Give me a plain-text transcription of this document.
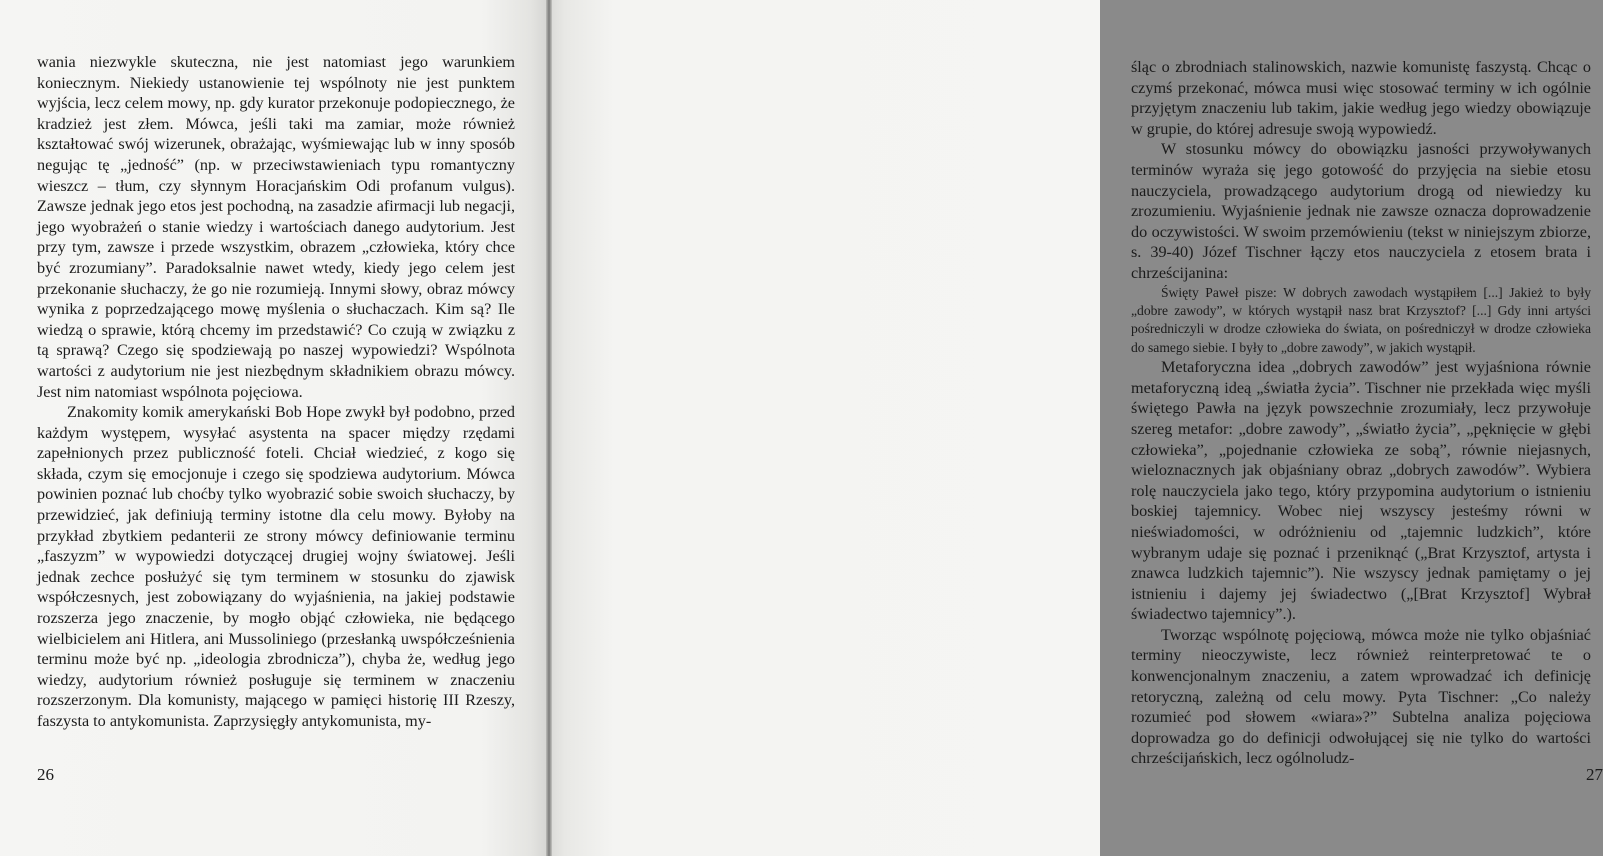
wania niezwykle skuteczna, nie jest natomiast jego warunkiem koniecznym. Niekiedy ustanowienie tej wspólnoty nie jest punktem wyjścia, lecz celem mowy, np. gdy kurator przekonuje podopiecznego, że kradzież jest złem. Mówca, jeśli taki ma zamiar, może również kształtować swój wizerunek, obrażając, wyśmiewając lub w inny sposób negując tę „jedność” (np. w przeciwstawieniach typu romantyczny wieszcz – tłum, czy słynnym Horacjańskim Odi profanum vulgus). Zawsze jednak jego etos jest pochodną, na zasadzie afirmacji lub negacji, jego wyobrażeń o stanie wiedzy i wartościach danego audytorium. Jest przy tym, zawsze i przede wszystkim, obrazem „człowieka, który chce być zrozumiany”. Paradoksalnie nawet wtedy, kiedy jego celem jest przekonanie słuchaczy, że go nie rozumieją. Innymi słowy, obraz mówcy wynika z poprzedzającego mowę myślenia o słuchaczach. Kim są? Ile wiedzą o sprawie, którą chcemy im przedstawić? Co czują w związku z tą sprawą? Czego się spodziewają po naszej wypowiedzi? Wspólnota wartości z audytorium nie jest niezbędnym składnikiem obrazu mówcy. Jest nim natomiast wspólnota pojęciowa.

Znakomity komik amerykański Bob Hope zwykł był podobno, przed każdym występem, wysyłać asystenta na spacer między rzędami zapełnionych przez publiczność foteli. Chciał wiedzieć, z kogo się składa, czym się emocjonuje i czego się spodziewa audytorium. Mówca powinien poznać lub choćby tylko wyobrazić sobie swoich słuchaczy, by przewidzieć, jak definiują terminy istotne dla celu mowy. Byłoby na przykład zbytkiem pedanterii ze strony mówcy definiowanie terminu „faszyzm” w wypowiedzi dotyczącej drugiej wojny światowej. Jeśli jednak zechce posłużyć się tym terminem w stosunku do zjawisk współczesnych, jest zobowiązany do wyjaśnienia, na jakiej podstawie rozszerza jego znaczenie, by mogło objąć człowieka, nie będącego wielbicielem ani Hitlera, ani Mussoliniego (przesłanką uwspółcześnienia terminu może być np. „ideologia zbrodnicza”), chyba że, według jego wiedzy, audytorium również posługuje się terminem w znaczeniu rozszerzonym. Dla komunisty, mającego w pamięci historię III Rzeszy, faszysta to antykomunista. Zaprzysięgły antykomunista, my-

26

śląc o zbrodniach stalinowskich, nazwie komunistę faszystą. Chcąc o czymś przekonać, mówca musi więc stosować terminy w ich ogólnie przyjętym znaczeniu lub takim, jakie według jego wiedzy obowiązuje w grupie, do której adresuje swoją wypowiedź.

W stosunku mówcy do obowiązku jasności przywoływanych terminów wyraża się jego gotowość do przyjęcia na siebie etosu nauczyciela, prowadzącego audytorium drogą od niewiedzy ku zrozumieniu. Wyjaśnienie jednak nie zawsze oznacza doprowadzenie do oczywistości. W swoim przemówieniu (tekst w niniejszym zbiorze, s. 39-40) Józef Tischner łączy etos nauczyciela z etosem brata i chrześcijanina:

Święty Paweł pisze: W dobrych zawodach wystąpiłem [...] Jakież to były „dobre zawody”, w których wystąpił nasz brat Krzysztof? [...] Gdy inni artyści pośredniczyli w drodze człowieka do świata, on pośredniczył w drodze człowieka do samego siebie. I były to „dobre zawody”, w jakich wystąpił.

Metaforyczna idea „dobrych zawodów” jest wyjaśniona równie metaforyczną ideą „światła życia”. Tischner nie przekłada więc myśli świętego Pawła na język powszechnie zrozumiały, lecz przywołuje szereg metafor: „dobre zawody”, „światło życia”, „pęknięcie w głębi człowieka”, „pojednanie człowieka ze sobą”, równie niejasnych, wieloznacznych jak objaśniany obraz „dobrych zawodów”. Wybiera rolę nauczyciela jako tego, który przypomina audytorium o istnieniu boskiej tajemnicy. Wobec niej wszyscy jesteśmy równi w nieświadomości, w odróżnieniu od „tajemnic ludzkich”, które wybranym udaje się poznać i przeniknąć („Brat Krzysztof, artysta i znawca ludzkich tajemnic”). Nie wszyscy jednak pamiętamy o jej istnieniu i dajemy jej świadectwo („[Brat Krzysztof] Wybrał świadectwo tajemnicy”.).

Tworząc wspólnotę pojęciową, mówca może nie tylko objaśniać terminy nieoczywiste, lecz również reinterpretować te o konwencjonalnym znaczeniu, a zatem wprowadzać ich definicję retoryczną, zależną od celu mowy. Pyta Tischner: „Co należy rozumieć pod słowem «wiara»?” Subtelna analiza pojęciowa doprowadza go do definicji odwołującej się nie tylko do wartości chrześcijańskich, lecz ogólnoludz-

27
